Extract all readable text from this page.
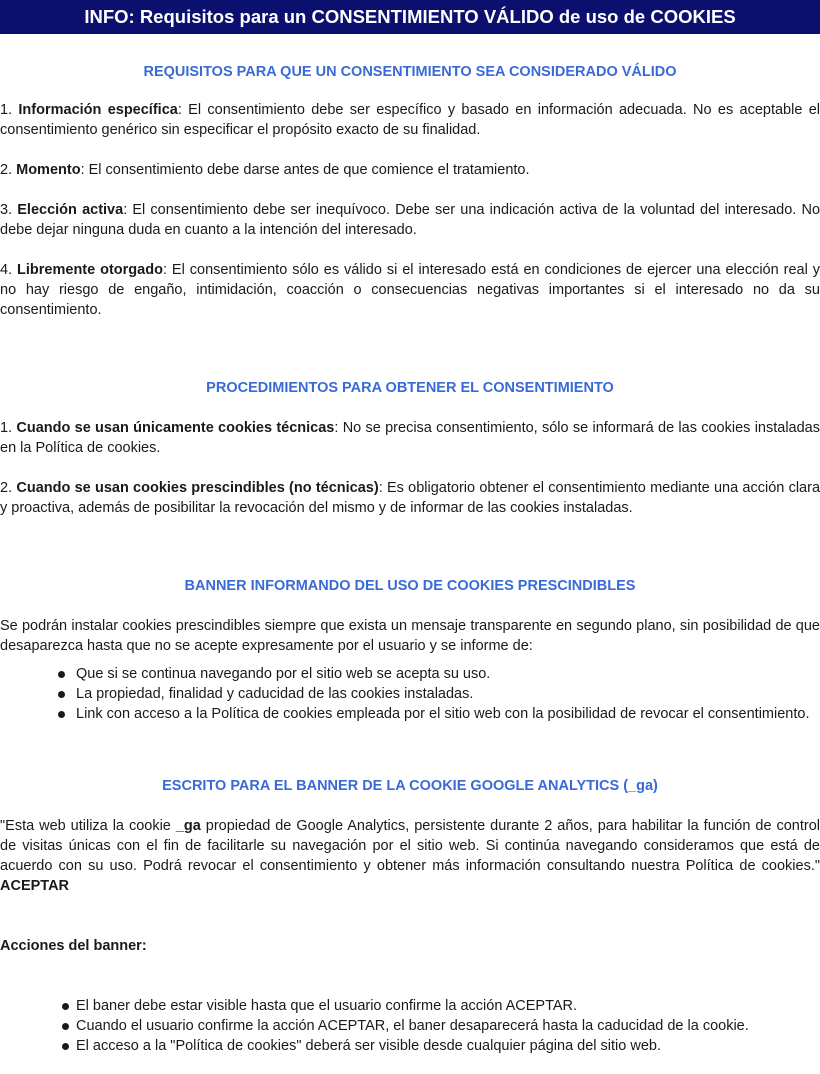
INFO: Requisitos para un CONSENTIMIENTO VÁLIDO de uso de COOKIES
REQUISITOS PARA QUE UN CONSENTIMIENTO SEA CONSIDERADO VÁLIDO

1. Información específica: El consentimiento debe ser específico y basado en información adecuada. No es aceptable el consentimiento genérico sin especificar el propósito exacto de su finalidad.

2. Momento: El consentimiento debe darse antes de que comience el tratamiento.

3. Elección activa: El consentimiento debe ser inequívoco. Debe ser una indicación activa de la voluntad del interesado. No debe dejar ninguna duda en cuanto a la intención del interesado.

4. Libremente otorgado: El consentimiento sólo es válido si el interesado está en condiciones de ejercer una elección real y no hay riesgo de engaño, intimidación, coacción o consecuencias negativas importantes si el interesado no da su consentimiento.

PROCEDIMIENTOS PARA OBTENER EL CONSENTIMIENTO

1. Cuando se usan únicamente cookies técnicas: No se precisa consentimiento, sólo se informará de las cookies instaladas en la Política de cookies.

2. Cuando se usan cookies prescindibles (no técnicas): Es obligatorio obtener el consentimiento mediante una acción clara y proactiva, además de posibilitar la revocación del mismo y de informar de las cookies instaladas.

BANNER INFORMANDO DEL USO DE COOKIES PRESCINDIBLES

Se podrán instalar cookies prescindibles siempre que exista un mensaje transparente en segundo plano, sin posibilidad de que desaparezca hasta que no se acepte expresamente por el usuario y se informe de:

Que si se continua navegando por el sitio web se acepta su uso.
La propiedad, finalidad y caducidad de las cookies instaladas.
Link con acceso a la Política de cookies empleada por el sitio web con la posibilidad de revocar el consentimiento.
ESCRITO PARA EL BANNER DE LA COOKIE GOOGLE ANALYTICS (_ga)

"Esta web utiliza la cookie _ga propiedad de Google Analytics, persistente durante 2 años, para habilitar la función de control de visitas únicas con el fin de facilitarle su navegación por el sitio web. Si continúa navegando consideramos que está de acuerdo con su uso. Podrá revocar el consentimiento y obtener más información consultando nuestra Política de cookies." ACEPTAR

Acciones del banner:

El baner debe estar visible hasta que el usuario confirme la acción ACEPTAR.
Cuando el usuario confirme la acción ACEPTAR, el baner desaparecerá hasta la caducidad de la cookie.
El acceso a la "Política de cookies" deberá ser visible desde cualquier página del sitio web.
